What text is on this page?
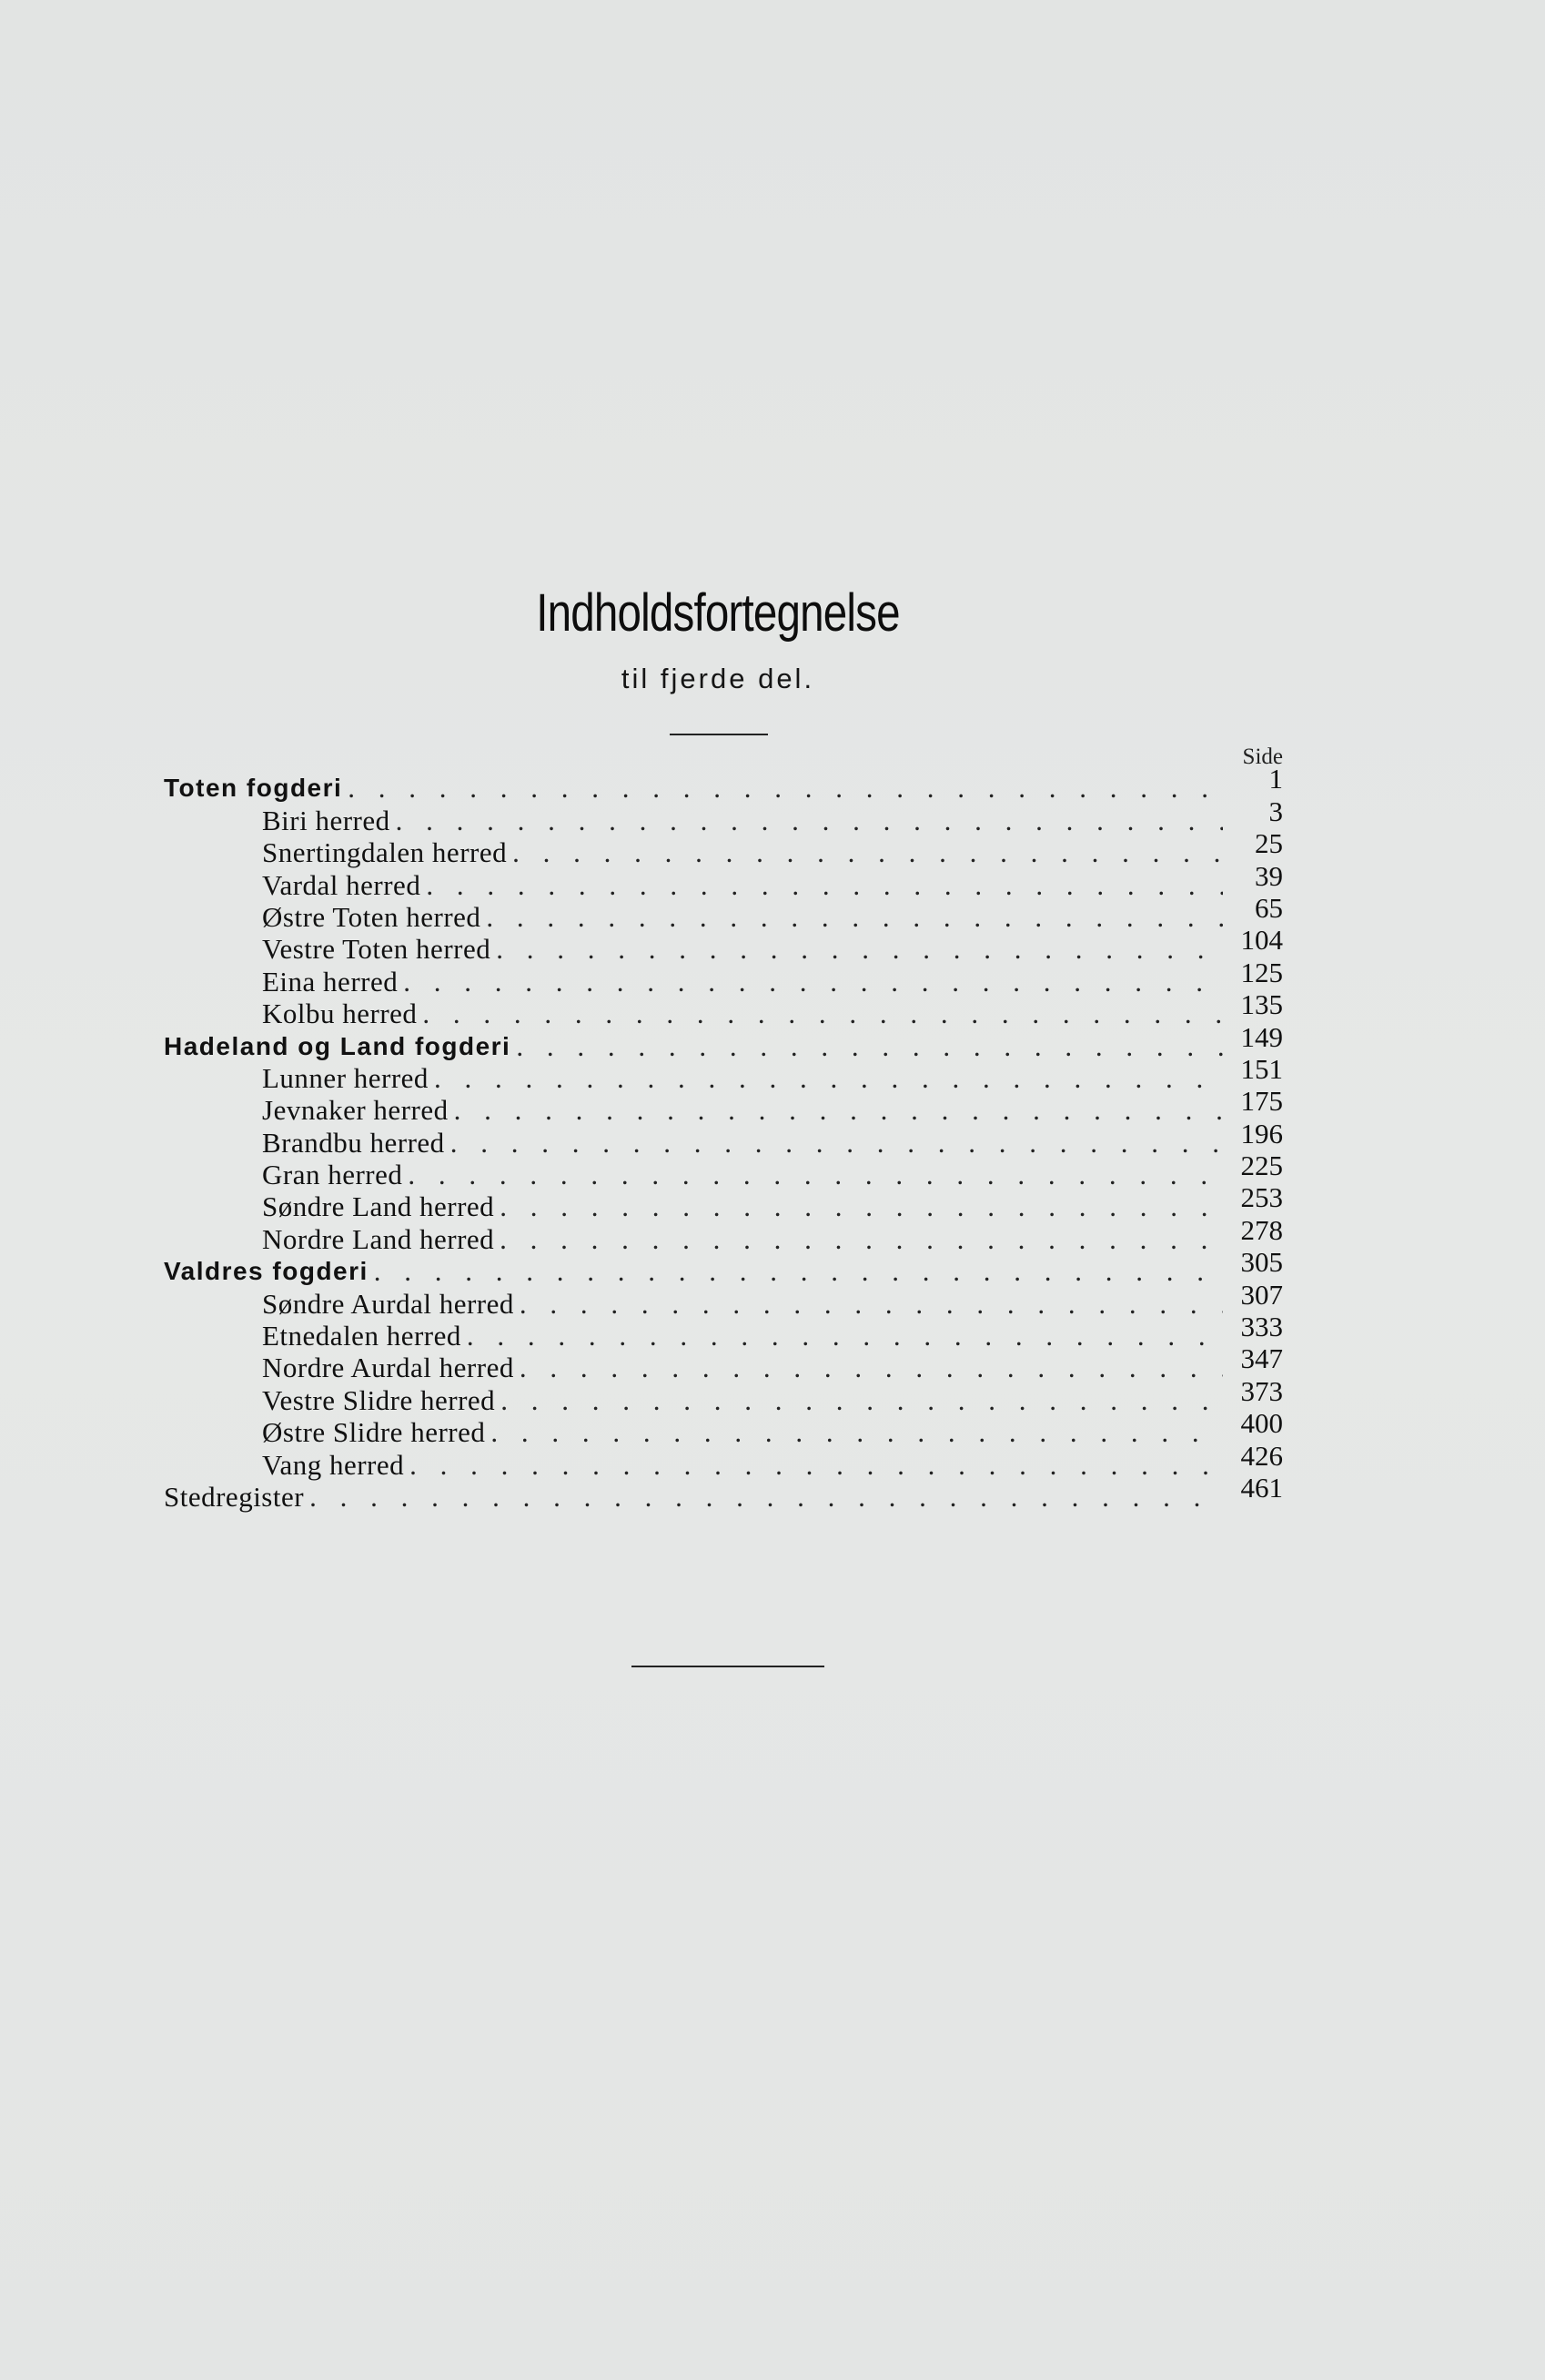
Indholdsfortegnelse
til fjerde del.
Side
Toten fogderi . . .	1
Biri herred . . .	3
Snertingdalen herred . . .	25
Vardal herred . . .	39
Østre Toten herred . . .	65
Vestre Toten herred . . .	104
Eina herred . . .	125
Kolbu herred . . .	135
Hadeland og Land fogderi . . .	149
Lunner herred . . .	151
Jevnaker herred . . .	175
Brandbu herred . . .	196
Gran herred . . .	225
Søndre Land herred . . .	253
Nordre Land herred . . .	278
Valdres fogderi . . .	305
Søndre Aurdal herred . . .	307
Etnedalen herred . . .	333
Nordre Aurdal herred . . .	347
Vestre Slidre herred . . .	373
Østre Slidre herred . . .	400
Vang herred . . .	426
Stedregister . . .	461
